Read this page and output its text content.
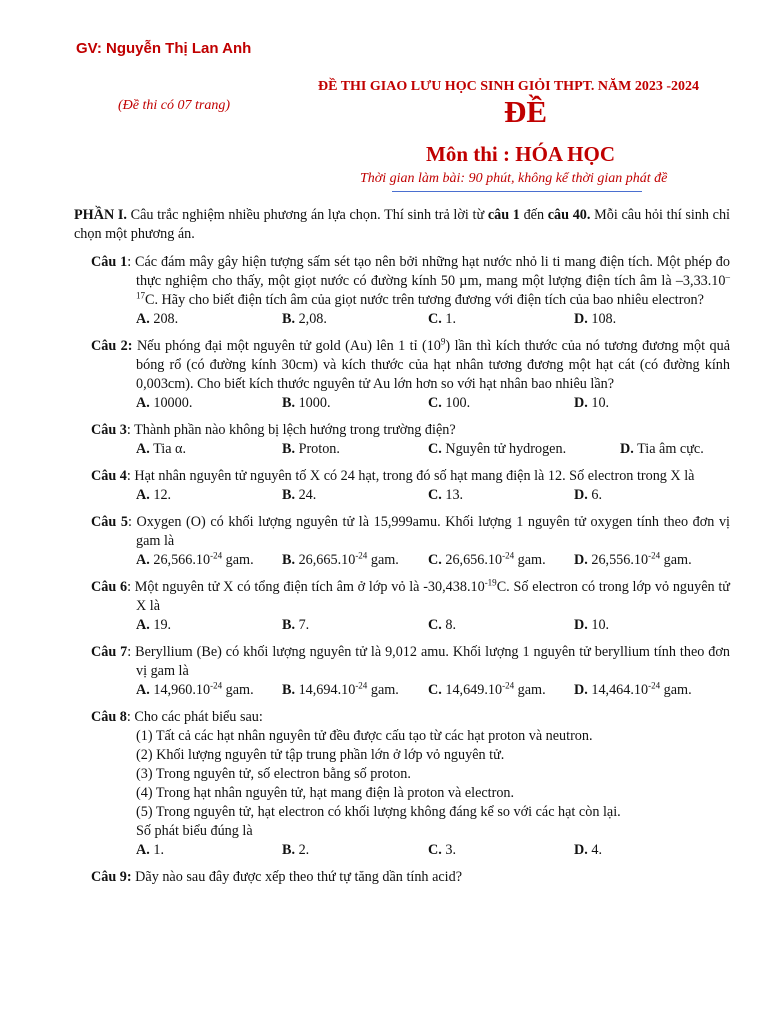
GV: Nguyễn Thị Lan Anh
(Đề thi có 07 trang)
ĐỀ THI GIAO LƯU HỌC SINH GIỎI THPT. NĂM 2023 -2024
ĐỀ
Môn thi : HÓA HỌC
Thời gian làm bài: 90 phút, không kể thời gian phát đề
PHẦN I. Câu trắc nghiệm nhiều phương án lựa chọn. Thí sinh trả lời từ câu 1 đến câu 40. Mỗi câu hỏi thí sinh chỉ chọn một phương án.
Câu 1: Các đám mây gây hiện tượng sấm sét tạo nên bởi những hạt nước nhỏ li ti mang điện tích. Một phép đo thực nghiệm cho thấy, một giọt nước có đường kính 50 µm, mang một lượng điện tích âm là $-3,33.10^{-17}C$. Hãy cho biết điện tích âm của giọt nước trên tương đương với điện tích của bao nhiêu electron?
A. 208.	B. 2,08.	C. 1.	D. 108.
Câu 2: Nếu phóng đại một nguyên tử gold (Au) lên 1 tỉ $(10^9)$ lần thì kích thước của nó tương đương một quả bóng rổ (có đường kính 30cm) và kích thước của hạt nhân tương đương một hạt cát (có đường kính 0,003cm). Cho biết kích thước nguyên tử Au lớn hơn so với hạt nhân bao nhiêu lần?
A. 10000.	B. 1000.	C. 100.	D. 10.
Câu 3: Thành phần nào không bị lệch hướng trong trường điện?
A. Tia α.	B. Proton.	C. Nguyên tử hydrogen.	D. Tia âm cực.
Câu 4: Hạt nhân nguyên tử nguyên tố X có 24 hạt, trong đó số hạt mang điện là 12. Số electron trong X là
A. 12.	B. 24.	C. 13.	D. 6.
Câu 5: Oxygen (O) có khối lượng nguyên tử là 15,999amu. Khối lượng 1 nguyên tử oxygen tính theo đơn vị gam là
A. $26,566.10^{-24}$ gam.	B. $26,665.10^{-24}$ gam.	C. $26,656.10^{-24}$ gam.	D. $26,556.10^{-24}$ gam.
Câu 6: Một nguyên tử X có tổng điện tích âm ở lớp vỏ là $-30,438.10^{-19}C$. Số electron có trong lớp vỏ nguyên tử X là
A. 19.	B. 7.	C. 8.	D. 10.
Câu 7: Beryllium (Be) có khối lượng nguyên tử là 9,012 amu. Khối lượng 1 nguyên tử beryllium tính theo đơn vị gam là
A. $14,960.10^{-24}$ gam.	B. $14,694.10^{-24}$ gam.	C. $14,649.10^{-24}$ gam.	D. $14,464.10^{-24}$ gam.
Câu 8: Cho các phát biểu sau:
(1) Tất cả các hạt nhân nguyên tử đều được cấu tạo từ các hạt proton và neutron.
(2) Khối lượng nguyên tử tập trung phần lớn ở lớp vỏ nguyên tử.
(3) Trong nguyên tử, số electron bằng số proton.
(4) Trong hạt nhân nguyên tử, hạt mang điện là proton và electron.
(5) Trong nguyên tử, hạt electron có khối lượng không đáng kể so với các hạt còn lại.
Số phát biểu đúng là
A. 1.	B. 2.	C. 3.	D. 4.
Câu 9: Dãy nào sau đây được xếp theo thứ tự tăng dần tính acid?
